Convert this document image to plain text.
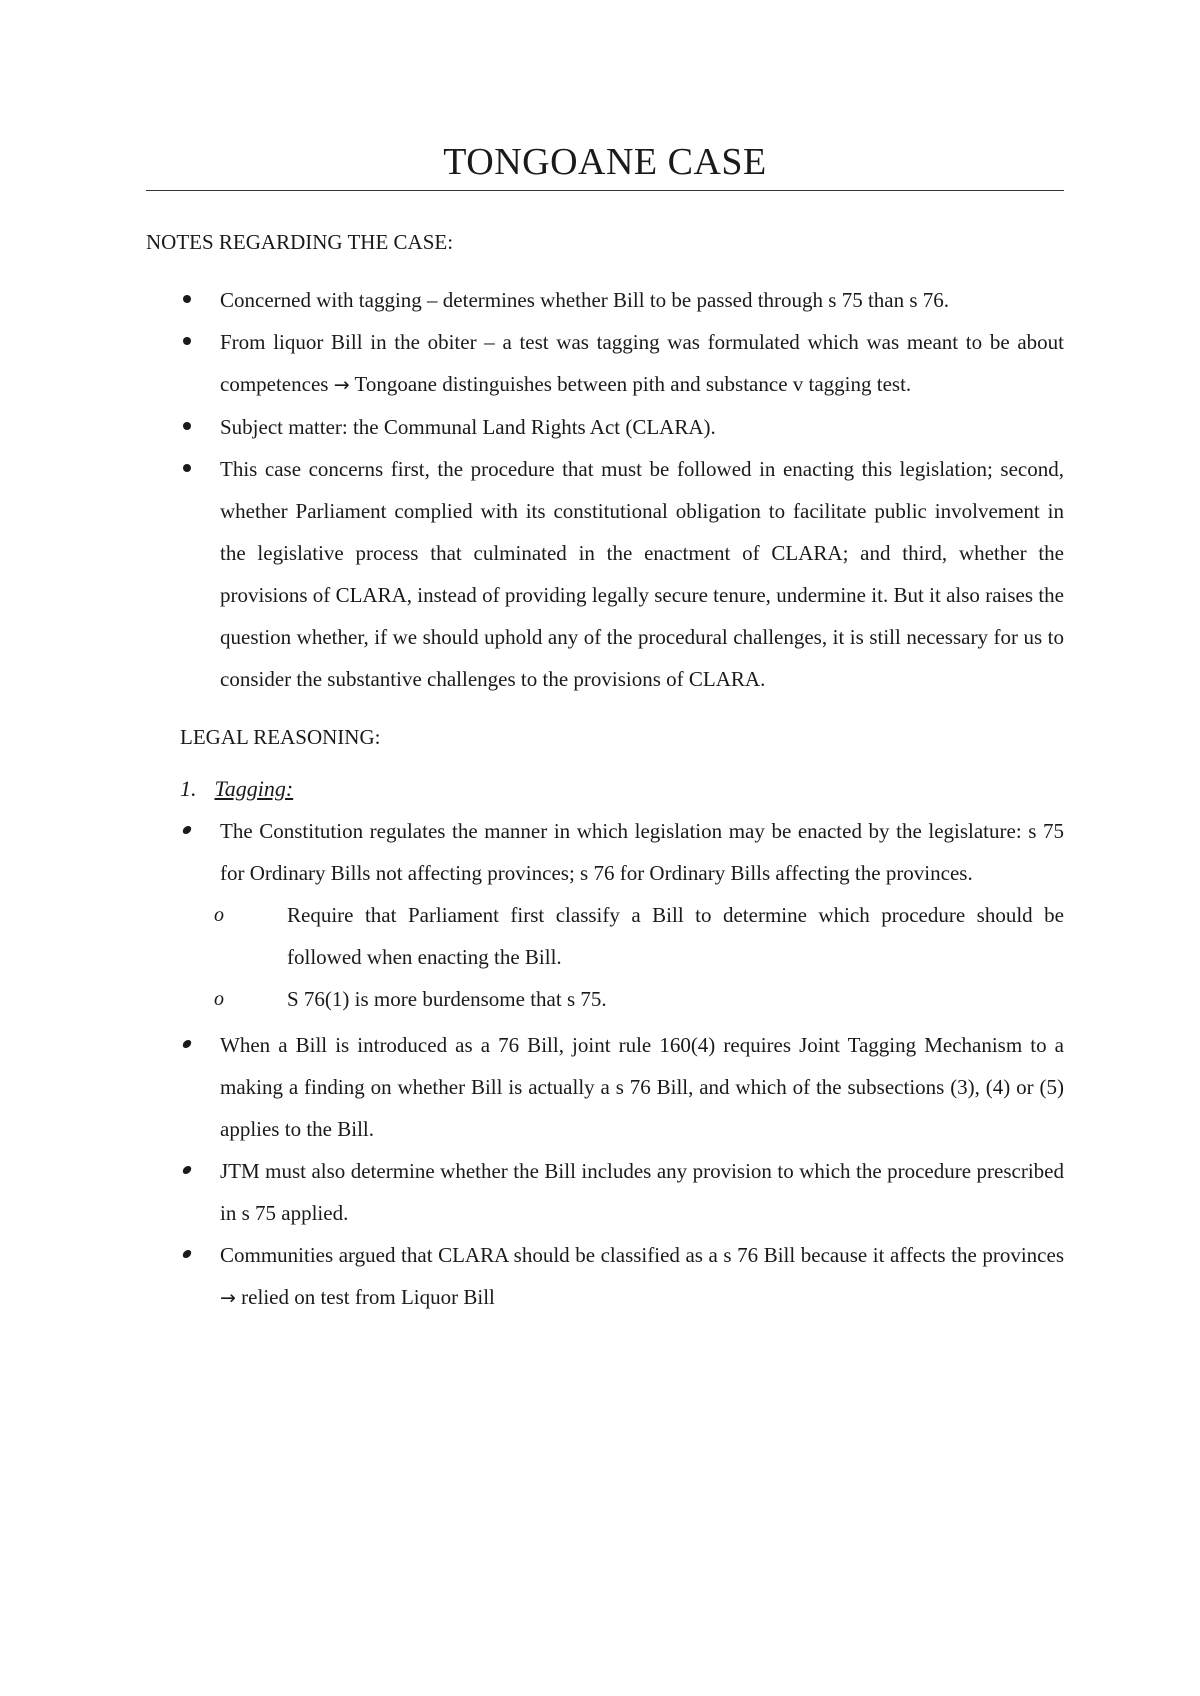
TONGOANE CASE
NOTES REGARDING THE CASE:
Concerned with tagging – determines whether Bill to be passed through s 75 than s 76.
From liquor Bill in the obiter – a test was tagging was formulated which was meant to be about competences → Tongoane distinguishes between pith and substance v tagging test.
Subject matter: the Communal Land Rights Act (CLARA).
This case concerns first, the procedure that must be followed in enacting this legislation; second, whether Parliament complied with its constitutional obligation to facilitate public involvement in the legislative process that culminated in the enactment of CLARA; and third, whether the provisions of CLARA, instead of providing legally secure tenure, undermine it. But it also raises the question whether, if we should uphold any of the procedural challenges, it is still necessary for us to consider the substantive challenges to the provisions of CLARA.
LEGAL REASONING:
1. Tagging:
The Constitution regulates the manner in which legislation may be enacted by the legislature: s 75 for Ordinary Bills not affecting provinces; s 76 for Ordinary Bills affecting the provinces.
o	Require that Parliament first classify a Bill to determine which procedure should be followed when enacting the Bill.
o	S 76(1) is more burdensome that s 75.
When a Bill is introduced as a 76 Bill, joint rule 160(4) requires Joint Tagging Mechanism to a making a finding on whether Bill is actually a s 76 Bill, and which of the subsections (3), (4) or (5) applies to the Bill.
JTM must also determine whether the Bill includes any provision to which the procedure prescribed in s 75 applied.
Communities argued that CLARA should be classified as a s 76 Bill because it affects the provinces → relied on test from Liquor Bill
